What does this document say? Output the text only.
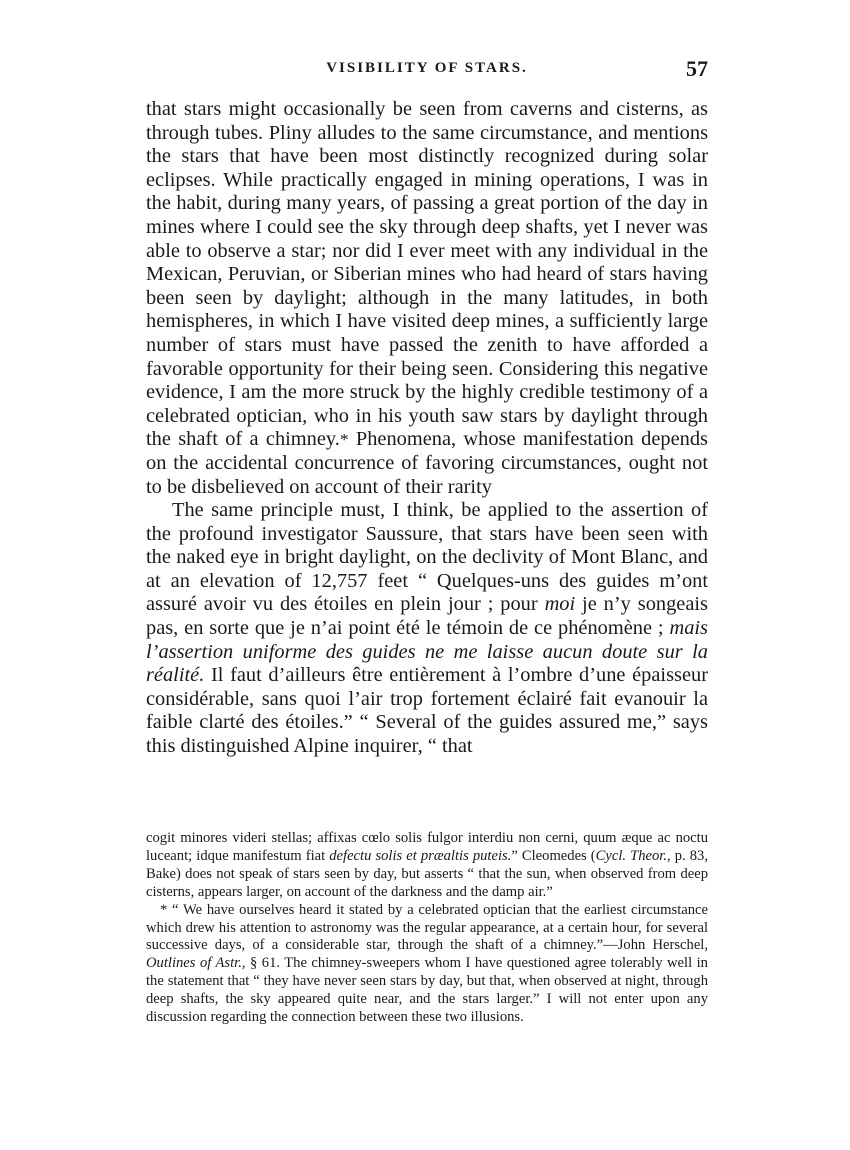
VISIBILITY OF STARS.	57

that stars might occasionally be seen from caverns and cisterns, as through tubes. Pliny alludes to the same circumstance, and mentions the stars that have been most distinctly recognized during solar eclipses. While practically engaged in mining operations, I was in the habit, during many years, of passing a great portion of the day in mines where I could see the sky through deep shafts, yet I never was able to observe a star; nor did I ever meet with any individual in the Mexican, Peruvian, or Siberian mines who had heard of stars having been seen by daylight; although in the many latitudes, in both hemispheres, in which I have visited deep mines, a sufficiently large number of stars must have passed the zenith to have afforded a favorable opportunity for their being seen. Considering this negative evidence, I am the more struck by the highly credible testimony of a celebrated optician, who in his youth saw stars by daylight through the shaft of a chimney.* Phenomena, whose manifestation depends on the accidental concurrence of favoring circumstances, ought not to be disbelieved on account of their rarity

The same principle must, I think, be applied to the assertion of the profound investigator Saussure, that stars have been seen with the naked eye in bright daylight, on the declivity of Mont Blanc, and at an elevation of 12,757 feet “ Quelques-uns des guides m’ont assuré avoir vu des étoiles en plein jour ; pour moi je n’y songeais pas, en sorte que je n’ai point été le témoin de ce phénomène ; mais l’assertion uniforme des guides ne me laisse aucun doute sur la réalité. Il faut d’ailleurs être entièrement à l’ombre d’une épaisseur considérable, sans quoi l’air trop fortement éclairé fait evanouir la faible clarté des étoiles.” “ Several of the guides assured me,” says this distinguished Alpine inquirer, “ that

cogit minores videri stellas; affixas cœlo solis fulgor interdiu non cerni, quum æque ac noctu luceant; idque manifestum fiat defectu solis et præaltis puteis.” Cleomedes (Cycl. Theor., p. 83, Bake) does not speak of stars seen by day, but asserts “ that the sun, when observed from deep cisterns, appears larger, on account of the darkness and the damp air.”

* “ We have ourselves heard it stated by a celebrated optician that the earliest circumstance which drew his attention to astronomy was the regular appearance, at a certain hour, for several successive days, of a considerable star, through the shaft of a chimney.”—John Herschel, Outlines of Astr., § 61. The chimney-sweepers whom I have questioned agree tolerably well in the statement that “ they have never seen stars by day, but that, when observed at night, through deep shafts, the sky appeared quite near, and the stars larger.” I will not enter upon any discussion regarding the connection between these two illusions.
